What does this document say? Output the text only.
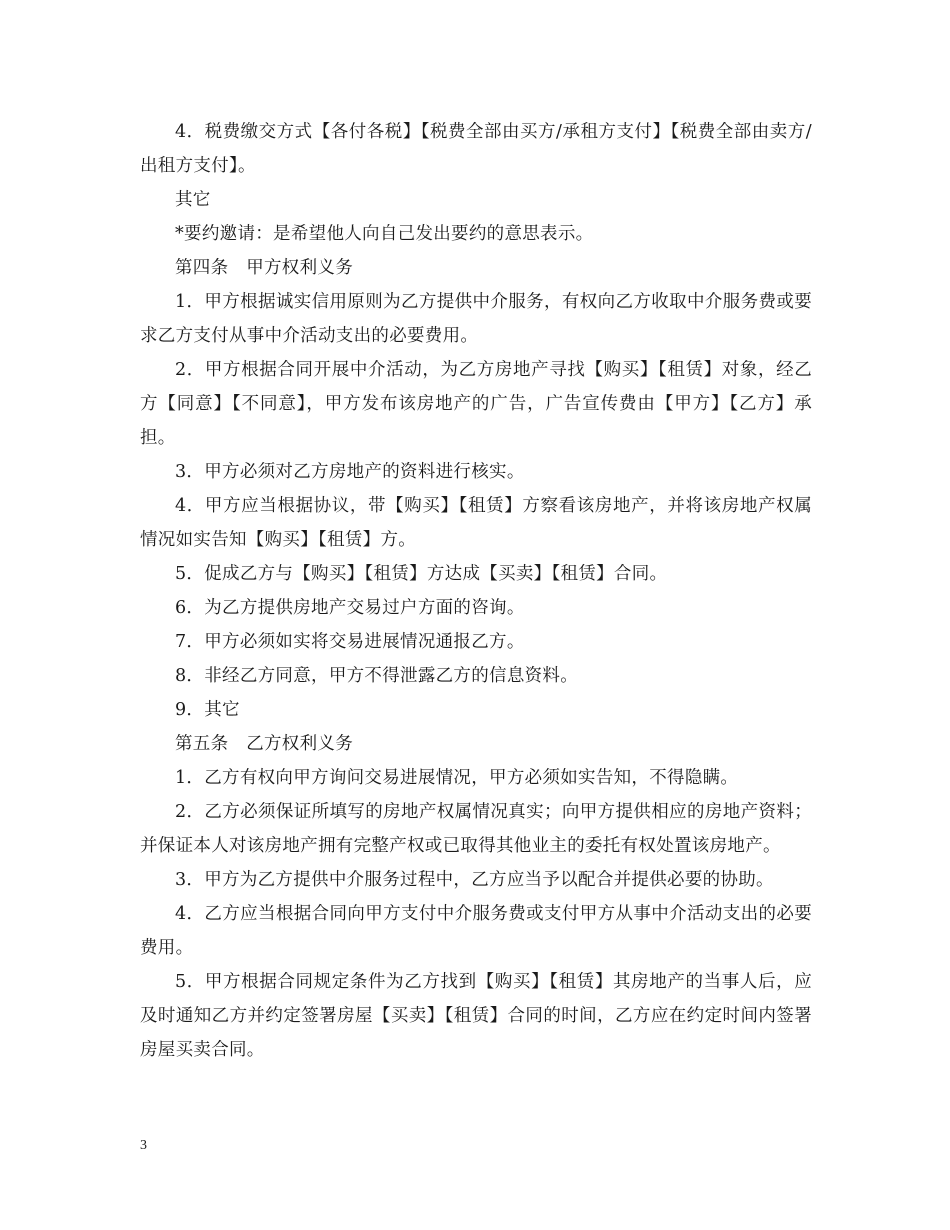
4．税费缴交方式【各付各税】【税费全部由买方/承租方支付】【税费全部由卖方/出租方支付】。

其它

*要约邀请：是希望他人向自己发出要约的意思表示。

第四条　甲方权利义务

1．甲方根据诚实信用原则为乙方提供中介服务，有权向乙方收取中介服务费或要求乙方支付从事中介活动支出的必要费用。

2．甲方根据合同开展中介活动，为乙方房地产寻找【购买】【租赁】对象，经乙方【同意】【不同意】，甲方发布该房地产的广告，广告宣传费由【甲方】【乙方】承担。

3．甲方必须对乙方房地产的资料进行核实。

4．甲方应当根据协议，带【购买】【租赁】方察看该房地产，并将该房地产权属情况如实告知【购买】【租赁】方。

5．促成乙方与【购买】【租赁】方达成【买卖】【租赁】合同。

6．为乙方提供房地产交易过户方面的咨询。

7．甲方必须如实将交易进展情况通报乙方。

8．非经乙方同意，甲方不得泄露乙方的信息资料。

9．其它

第五条　乙方权利义务

1．乙方有权向甲方询问交易进展情况，甲方必须如实告知，不得隐瞒。

2．乙方必须保证所填写的房地产权属情况真实；向甲方提供相应的房地产资料；并保证本人对该房地产拥有完整产权或已取得其他业主的委托有权处置该房地产。

3．甲方为乙方提供中介服务过程中，乙方应当予以配合并提供必要的协助。

4．乙方应当根据合同向甲方支付中介服务费或支付甲方从事中介活动支出的必要费用。

5．甲方根据合同规定条件为乙方找到【购买】【租赁】其房地产的当事人后，应及时通知乙方并约定签署房屋【买卖】【租赁】合同的时间，乙方应在约定时间内签署房屋买卖合同。

3
